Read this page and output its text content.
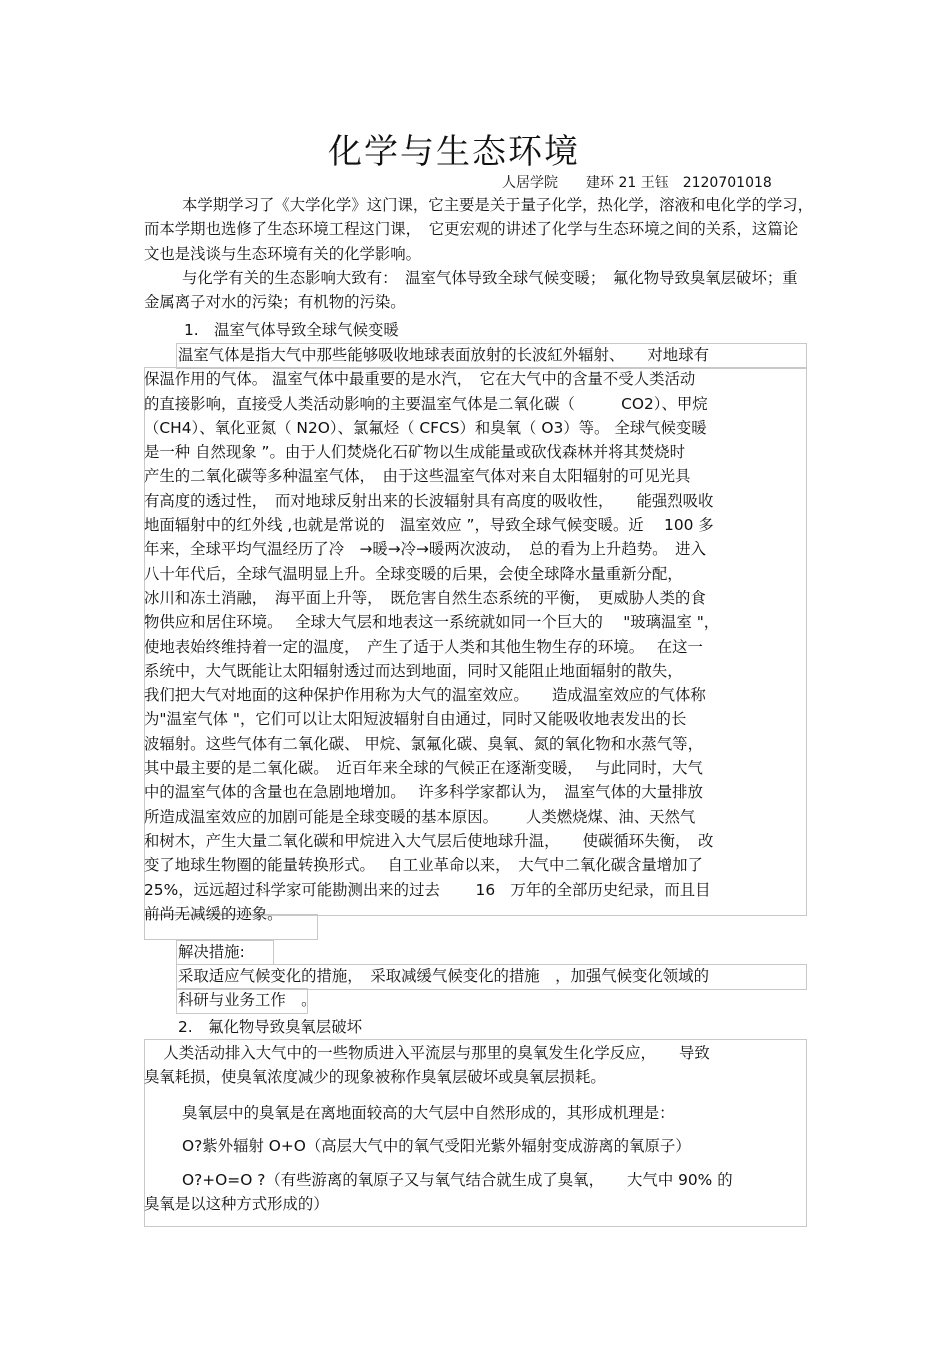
化学与生态环境
人居学院　　建环 21 王钰　2120701018

本学期学习了《大学化学》这门课，它主要是关于量子化学，热化学，溶液和电化学的学习，　而本学期也选修了生态环境工程这门课，　它更宏观的讲述了化学与生态环境之间的关系，这篇论文也是浅谈与生态环境有关的化学影响。

与化学有关的生态影响大致有：　温室气体导致全球气候变暖；　氟化物导致臭氧层破坏；重金属离子对水的污染；有机物的污染。

1.　温室气体导致全球气候变暖
温室气体是指大气中那些能够吸收地球表面放射的长波紅外辐射、　　对地球有
保温作用的气体。 温室气体中最重要的是水汽，　它在大气中的含量不受人类活动
的直接影响，直接受人类活动影响的主要温室气体是二氧化碳（　　　CO2）、甲烷
（CH4）、氧化亚氮（ N2O）、氯氟烃（ CFCS）和臭氧（ O3）等。 全球气候变暖
是一种 自然现象 ”。由于人们焚烧化石矿物以生成能量或砍伐森林并将其焚烧时
产生的二氧化碳等多种温室气体，　由于这些温室气体对来自太阳辐射的可见光具
有高度的透过性，　而对地球反射出来的长波辐射具有高度的吸收性，　　能强烈吸收
地面辐射中的红外线 ,也就是常说的　温室效应 ”，导致全球气候变暖。近　 100 多
年来，全球平均气温经历了冷　→暖→冷→暖两次波动，　总的看为上升趋势。　进入
八十年代后，全球气温明显上升。全球变暖的后果，会使全球降水量重新分配，
冰川和冻土消融，　海平面上升等，　既危害自然生态系统的平衡，　更威胁人类的食
物供应和居住环境。　 全球大气层和地表这一系统就如同一个巨大的　 "玻璃温室 "，
使地表始终维持着一定的温度，　产生了适于人类和其他生物生存的环境。　 在这一
系统中，大气既能让太阳辐射透过而达到地面，同时又能阻止地面辐射的散失，
我们把大气对地面的这种保护作用称为大气的温室效应。　　造成温室效应的气体称
为"温室气体 "，它们可以让太阳短波辐射自由通过，同时又能吸收地表发出的长
波辐射。这些气体有二氧化碳、 甲烷、氯氟化碳、臭氧、氮的氧化物和水蒸气等，
其中最主要的是二氧化碳。　近百年来全球的气候正在逐渐变暖，　 与此同时，大气
中的温室气体的含量也在急剧地增加。　 许多科学家都认为，　温室气体的大量排放
所造成温室效应的加剧可能是全球变暖的基本原因。　　 人类燃烧煤、油、天然气
和树木，产生大量二氧化碳和甲烷进入大气层后使地球升温，　　使碳循环失衡，　改
变了地球生物圈的能量转换形式。　 自工业革命以来，　大气中二氧化碳含量增加了
25%，远远超过科学家可能勘测出来的过去　　 16　万年的全部历史纪录，而且目
前尚无减缓的迹象。
解决措施:
采取适应气候变化的措施，　采取减缓气候变化的措施　，加强气候变化领域的
科研与业务工作　。
2.　氟化物导致臭氧层破坏
　人类活动排入大气中的一些物质进入平流层与那里的臭氧发生化学反应，　　导致
臭氧耗损，使臭氧浓度减少的现象被称作臭氧层破坏或臭氧层损耗。
臭氧层中的臭氧是在离地面较高的大气层中自然形成的，其形成机理是：
O?紫外辐射 O+O（高层大气中的氧气受阳光紫外辐射变成游离的氧原子）
O?+O=O ?（有些游离的氧原子又与氧气结合就生成了臭氧，　　大气中 90% 的
臭氧是以这种方式形成的）
